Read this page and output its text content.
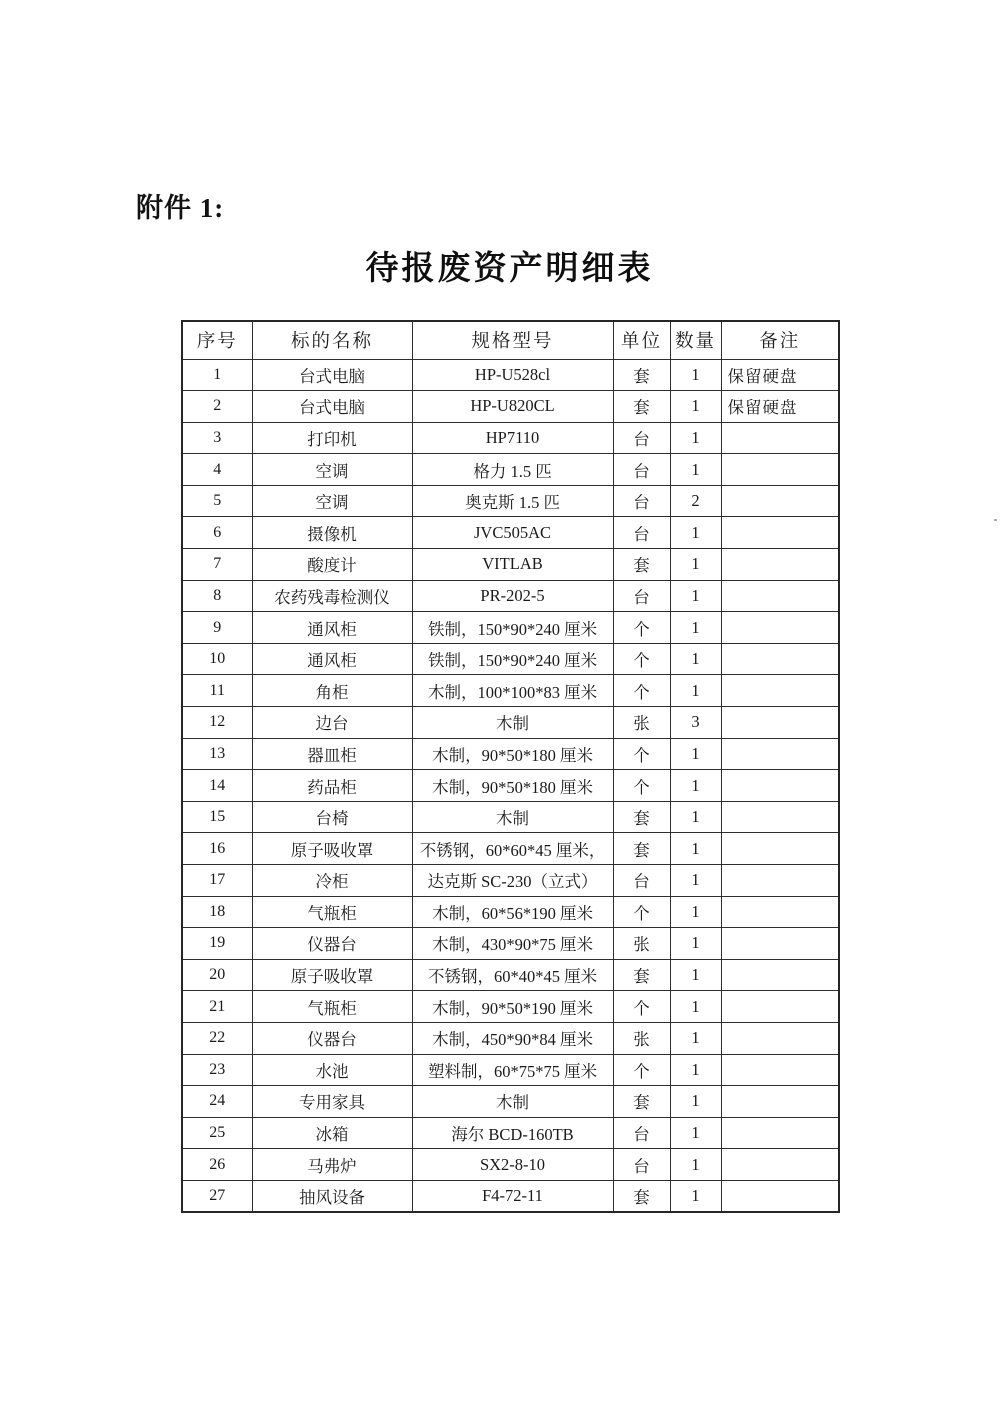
附件 1:
待报废资产明细表
序号	标的名称	规格型号	单位	数量	备注
1	台式电脑	HP-U528cl	套	1	保留硬盘
2	台式电脑	HP-U820CL	套	1	保留硬盘
3	打印机	HP7110	台	1	
4	空调	格力 1.5 匹	台	1	
5	空调	奥克斯 1.5 匹	台	2	
6	摄像机	JVC505AC	台	1	
7	酸度计	VITLAB	套	1	
8	农药残毒检测仪	PR-202-5	台	1	
9	通风柜	铁制，150*90*240 厘米	个	1	
10	通风柜	铁制，150*90*240 厘米	个	1	
11	角柜	木制，100*100*83 厘米	个	1	
12	边台	木制	张	3	
13	器皿柜	木制，90*50*180 厘米	个	1	
14	药品柜	木制，90*50*180 厘米	个	1	
15	台椅	木制	套	1	
16	原子吸收罩	不锈钢，60*60*45 厘米，	套	1	
17	冷柜	达克斯 SC-230（立式）	台	1	
18	气瓶柜	木制，60*56*190 厘米	个	1	
19	仪器台	木制，430*90*75 厘米	张	1	
20	原子吸收罩	不锈钢，60*40*45 厘米	套	1	
21	气瓶柜	木制，90*50*190 厘米	个	1	
22	仪器台	木制，450*90*84 厘米	张	1	
23	水池	塑料制，60*75*75 厘米	个	1	
24	专用家具	木制	套	1	
25	冰箱	海尔 BCD-160TB	台	1	
26	马弗炉	SX2-8-10	台	1	
27	抽风设备	F4-72-11	套	1	
